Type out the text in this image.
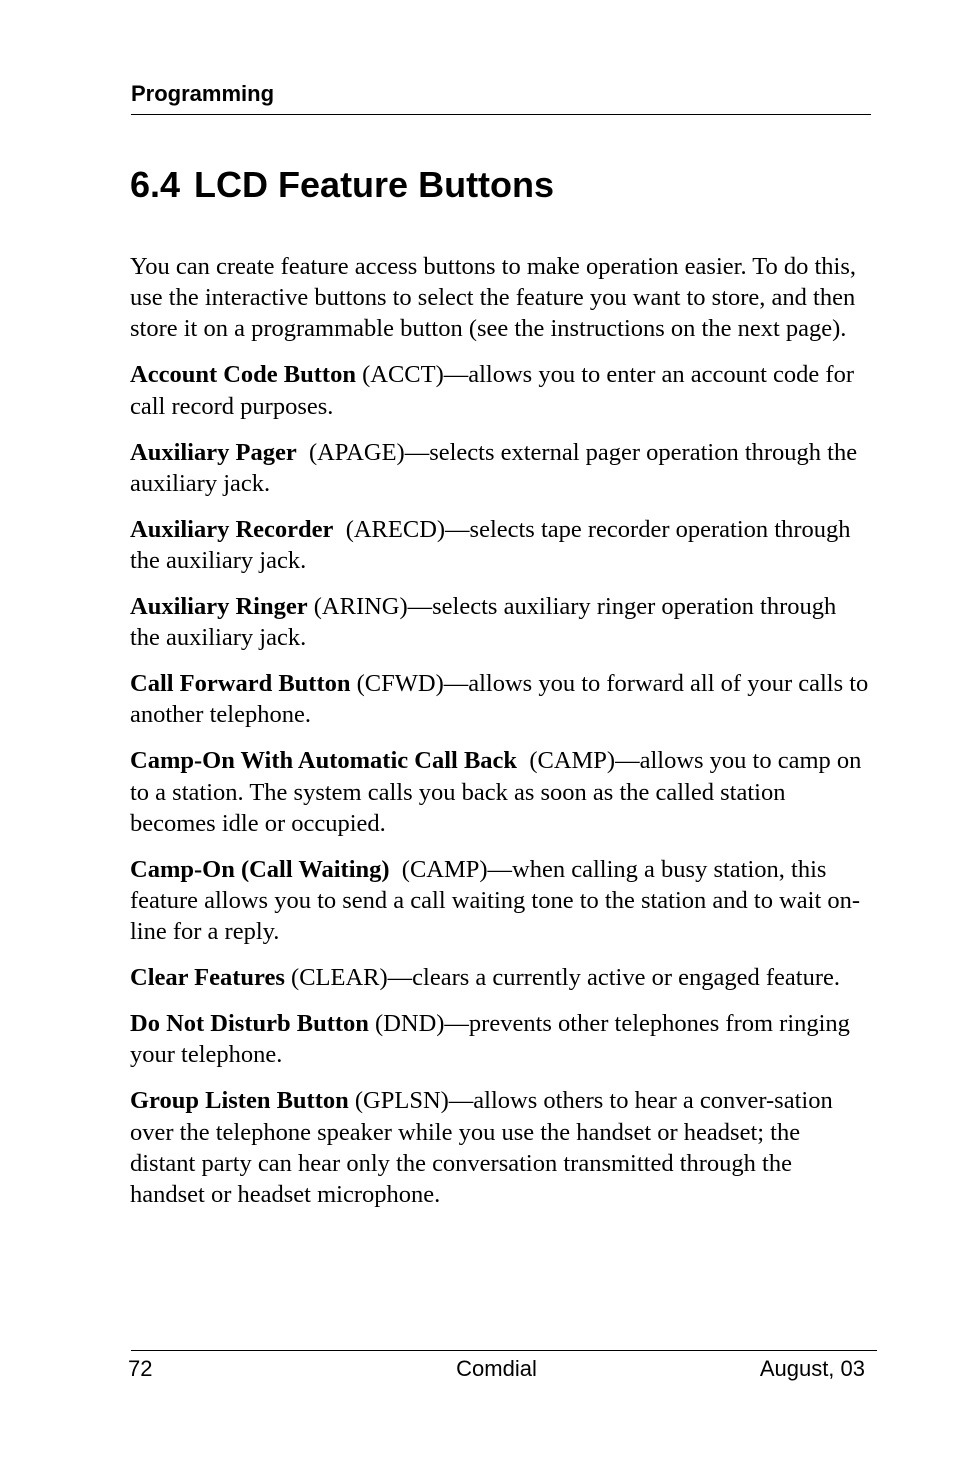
Programming
6.4 LCD Feature Buttons

You can create feature access buttons to make operation easier. To do this, use the interactive buttons to select the feature you want to store, and then store it on a programmable button (see the instructions on the next page).

Account Code Button (ACCT)—allows you to enter an account code for call record purposes.

Auxiliary Pager (APAGE)—selects external pager operation through the auxiliary jack.

Auxiliary Recorder (ARECD)—selects tape recorder operation through the auxiliary jack.

Auxiliary Ringer (ARING)—selects auxiliary ringer operation through the auxiliary jack.

Call Forward Button (CFWD)—allows you to forward all of your calls to another telephone.

Camp-On With Automatic Call Back (CAMP)—allows you to camp on to a station. The system calls you back as soon as the called station becomes idle or occupied.

Camp-On (Call Waiting) (CAMP)—when calling a busy station, this feature allows you to send a call waiting tone to the station and to wait on-line for a reply.

Clear Features (CLEAR)—clears a currently active or engaged feature.

Do Not Disturb Button (DND)—prevents other telephones from ringing your telephone.

Group Listen Button (GPLSN)—allows others to hear a conver-sation over the telephone speaker while you use the handset or headset; the distant party can hear only the conversation transmitted through the handset or headset microphone.

72	Comdial	August, 03
